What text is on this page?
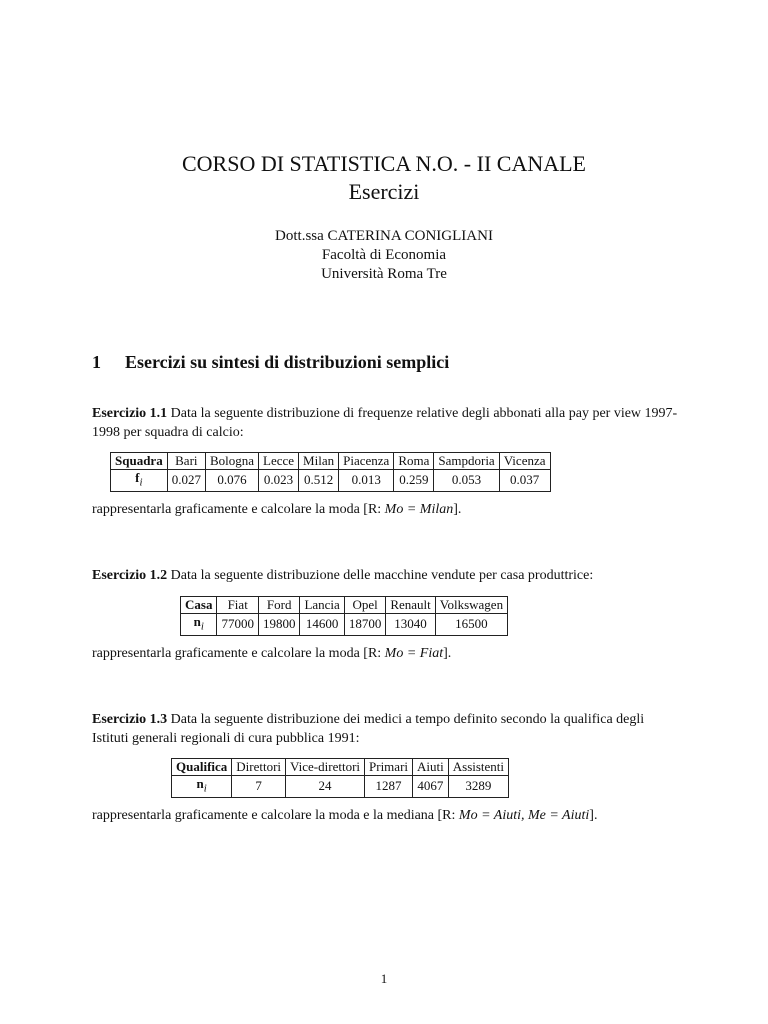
CORSO DI STATISTICA N.O. - II CANALE
Esercizi
Dott.ssa CATERINA CONIGLIANI
Facoltà di Economia
Università Roma Tre
1 Esercizi su sintesi di distribuzioni semplici
Esercizio 1.1 Data la seguente distribuzione di frequenze relative degli abbonati alla pay per view 1997-1998 per squadra di calcio:
Squadra	Bari	Bologna	Lecce	Milan	Piacenza	Roma	Sampdoria	Vicenza
$f_i$	0.027	0.076	0.023	0.512	0.013	0.259	0.053	0.037
rappresentarla graficamente e calcolare la moda [R: Mo = Milan].
Esercizio 1.2 Data la seguente distribuzione delle macchine vendute per casa produttrice:
Casa	Fiat	Ford	Lancia	Opel	Renault	Volkswagen
$n_i$	77000	19800	14600	18700	13040	16500
rappresentarla graficamente e calcolare la moda [R: Mo = Fiat].
Esercizio 1.3 Data la seguente distribuzione dei medici a tempo definito secondo la qualifica degli Istituti generali regionali di cura pubblica 1991:
Qualifica	Direttori	Vice-direttori	Primari	Aiuti	Assistenti
$n_i$	7	24	1287	4067	3289
rappresentarla graficamente e calcolare la moda e la mediana [R: Mo = Aiuti, Me = Aiuti].
1
